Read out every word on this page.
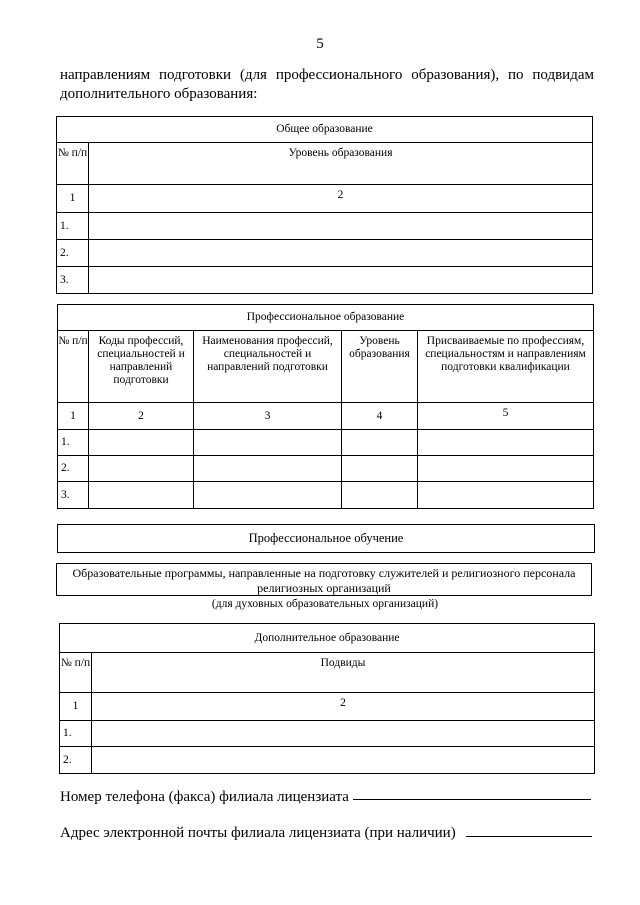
5
направлениям подготовки (для профессионального образования), по подвидам дополнительного образования:
Общее образование	
№ п/п	Уровень образования
1	2
1.	
2.	
3.	
Профессиональное образование				
№ п/п	Коды профессий, специальностей и направлений подготовки	Наименования профессий, специальностей и направлений подготовки	Уровень образования	Присваиваемые по профессиям, специальностям и направлениям подготовки квалификации
1	2	3	4	5
1.				
2.				
3.				
Профессиональное обучение
Образовательные программы, направленные на подготовку служителей и религиозного персонала религиозных организаций
(для духовных образовательных организаций)
Дополнительное образование	
№ п/п	Подвиды
1	2
1.	
2.	
Номер телефона (факса) филиала лицензиата
Адрес электронной почты филиала лицензиата (при наличии)
